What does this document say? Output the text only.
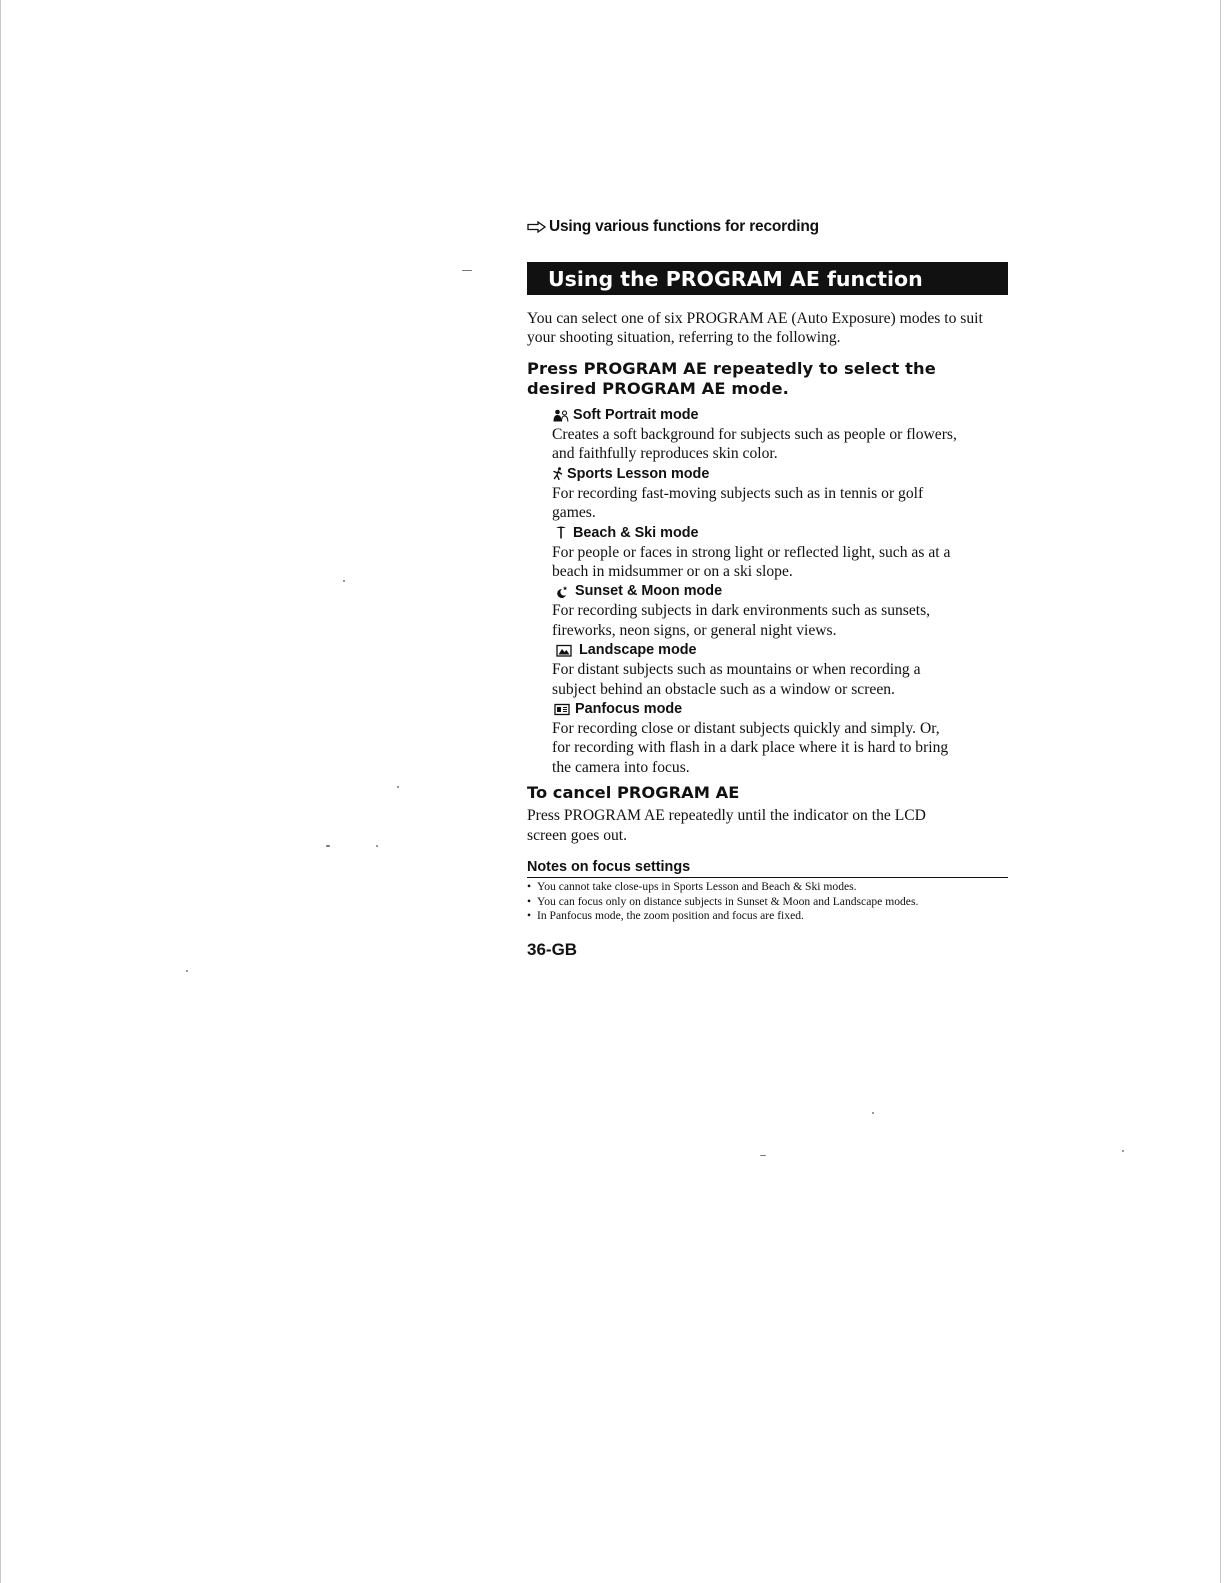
Using various functions for recording
Using the PROGRAM AE function
You can select one of six PROGRAM AE (Auto Exposure) modes to suit your shooting situation, referring to the following.
Press PROGRAM AE repeatedly to select the desired PROGRAM AE mode.
Soft Portrait mode
Creates a soft background for subjects such as people or flowers,
and faithfully reproduces skin color.
Sports Lesson mode
For recording fast-moving subjects such as in tennis or golf
games.
Beach & Ski mode
For people or faces in strong light or reflected light, such as at a
beach in midsummer or on a ski slope.
Sunset & Moon mode
For recording subjects in dark environments such as sunsets,
fireworks, neon signs, or general night views.
Landscape mode
For distant subjects such as mountains or when recording a
subject behind an obstacle such as a window or screen.
Panfocus mode
For recording close or distant subjects quickly and simply. Or,
for recording with flash in a dark place where it is hard to bring
the camera into focus.
To cancel PROGRAM AE
Press PROGRAM AE repeatedly until the indicator on the LCD
screen goes out.
Notes on focus settings
• You cannot take close-ups in Sports Lesson and Beach & Ski modes.
• You can focus only on distance subjects in Sunset & Moon and Landscape modes.
• In Panfocus mode, the zoom position and focus are fixed.
36-GB
